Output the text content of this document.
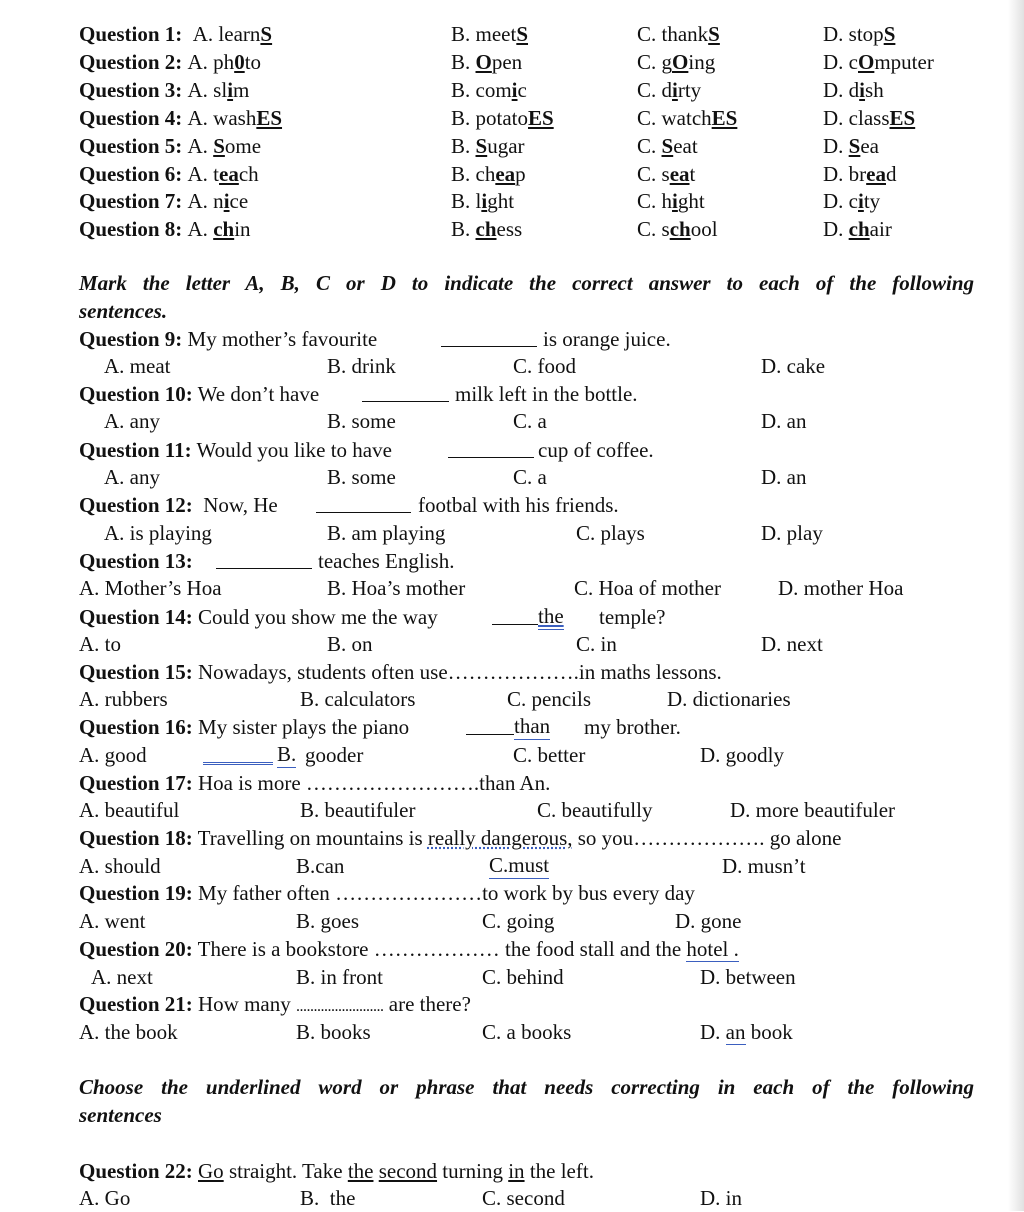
Question 1: A. learnS	B. meetS	C. thankS	D. stopS
Question 2: A. ph0to	B. Open	C. gOing	D. cOmputer
Question 3: A. slim	B. comic	C. dirty	D. dish
Question 4: A. washES	B. potatoES	C. watchES	D. classES
Question 5: A. Some	B. Sugar	C. Seat	D. Sea
Question 6: A. teach	B. cheap	C. seat	D. bread
Question 7: A. nice	B. light	C. hight	D. city
Question 8: A. chin	B. chess	C. school	D. chair
Mark the letter A, B, C or D to indicate the correct answer to each of the following
sentences.
Question 9: My mother’s favourite	is orange juice.
A. meat	B. drink	C. food	D. cake
Question 10: We don’t have	milk left in the bottle.
A. any	B. some	C. a	D. an
Question 11: Would you like to have	cup of coffee.
A. any	B. some	C. a	D. an
Question 12: Now, He	footbal with his friends.
A. is playing	B. am playing	C. plays	D. play
Question 13:	teaches English.
A. Mother’s Hoa	B. Hoa’s mother	C. Hoa of mother	D. mother Hoa
Question 14: Could you show me the way	the temple?
A. to	B. on	C. in	D. next
Question 15: Nowadays, students often use……………….in maths lessons.
A. rubbers	B. calculators	C. pencils	D. dictionaries
Question 16: My sister plays the piano	than my brother.
A. good	B. gooder	C. better	D. goodly
Question 17: Hoa is more …………………….than An.
A. beautiful	B. beautifuler	C. beautifully	D. more beautifuler
Question 18: Travelling on mountains is really dangerous, so you………………. go alone
A. should	B.can	C.must	D. musn’t
Question 19: My father often …………………to work by bus every day
A. went	B. goes	C. going	D. gone
Question 20: There is a bookstore ……………… the food stall and the hotel .
A. next	B. in front	C. behind	D. between
Question 21: How many ......................... are there?
A. the book	B. books	C. a books	D. an book
Choose the underlined word or phrase that needs correcting in each of the following
sentences
Question 22: Go straight. Take the second turning in the left.
A. Go	B.  the	C. second	D. in
